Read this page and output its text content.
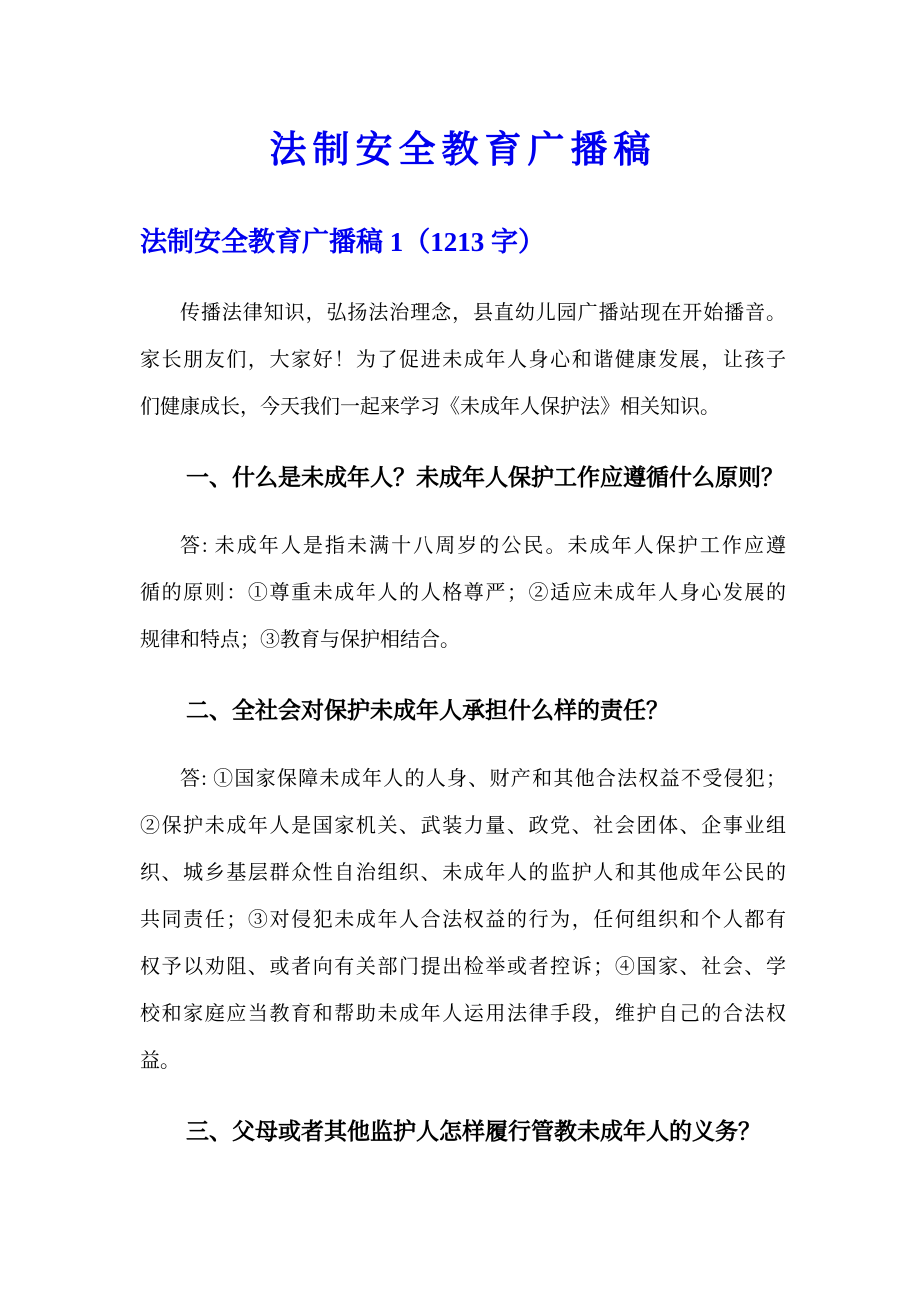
法制安全教育广播稿
法制安全教育广播稿 1（1213 字）
传播法律知识，弘扬法治理念，县直幼儿园广播站现在开始播音。
家长朋友们，大家好！为了促进未成年人身心和谐健康发展，让孩子
们健康成长，今天我们一起来学习《未成年人保护法》相关知识。
一、什么是未成年人？未成年人保护工作应遵循什么原则？
答: 未成年人是指未满十八周岁的公民。未成年人保护工作应遵
循的原则：①尊重未成年人的人格尊严；②适应未成年人身心发展的
规律和特点；③教育与保护相结合。
二、全社会对保护未成年人承担什么样的责任？
答: ①国家保障未成年人的人身、财产和其他合法权益不受侵犯；
②保护未成年人是国家机关、武装力量、政党、社会团体、企事业组
织、城乡基层群众性自治组织、未成年人的监护人和其他成年公民的
共同责任；③对侵犯未成年人合法权益的行为，任何组织和个人都有
权予以劝阻、或者向有关部门提出检举或者控诉；④国家、社会、学
校和家庭应当教育和帮助未成年人运用法律手段，维护自己的合法权
益。
三、父母或者其他监护人怎样履行管教未成年人的义务？
